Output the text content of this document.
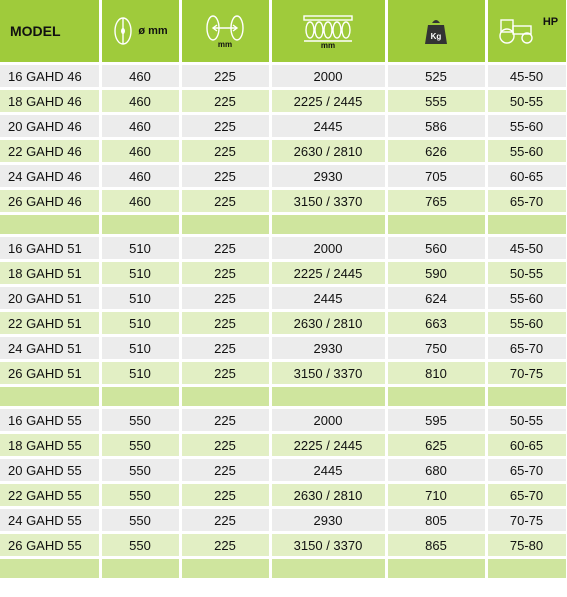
MODEL	ø mm	mm	mm	Kg	HP

16 GAHD 46	460	225	2000	525	45-50
18 GAHD 46	460	225	2225 / 2445	555	50-55
20 GAHD 46	460	225	2445	586	55-60
22 GAHD 46	460	225	2630 / 2810	626	55-60
24 GAHD 46	460	225	2930	705	60-65
26 GAHD 46	460	225	3150 / 3370	765	65-70

16 GAHD 51	510	225	2000	560	45-50
18 GAHD 51	510	225	2225 / 2445	590	50-55
20 GAHD 51	510	225	2445	624	55-60
22 GAHD 51	510	225	2630 / 2810	663	55-60
24 GAHD 51	510	225	2930	750	65-70
26 GAHD 51	510	225	3150 / 3370	810	70-75

16 GAHD 55	550	225	2000	595	50-55
18 GAHD 55	550	225	2225 / 2445	625	60-65
20 GAHD 55	550	225	2445	680	65-70
22 GAHD 55	550	225	2630 / 2810	710	65-70
24 GAHD 55	550	225	2930	805	70-75
26 GAHD 55	550	225	3150 / 3370	865	75-80
